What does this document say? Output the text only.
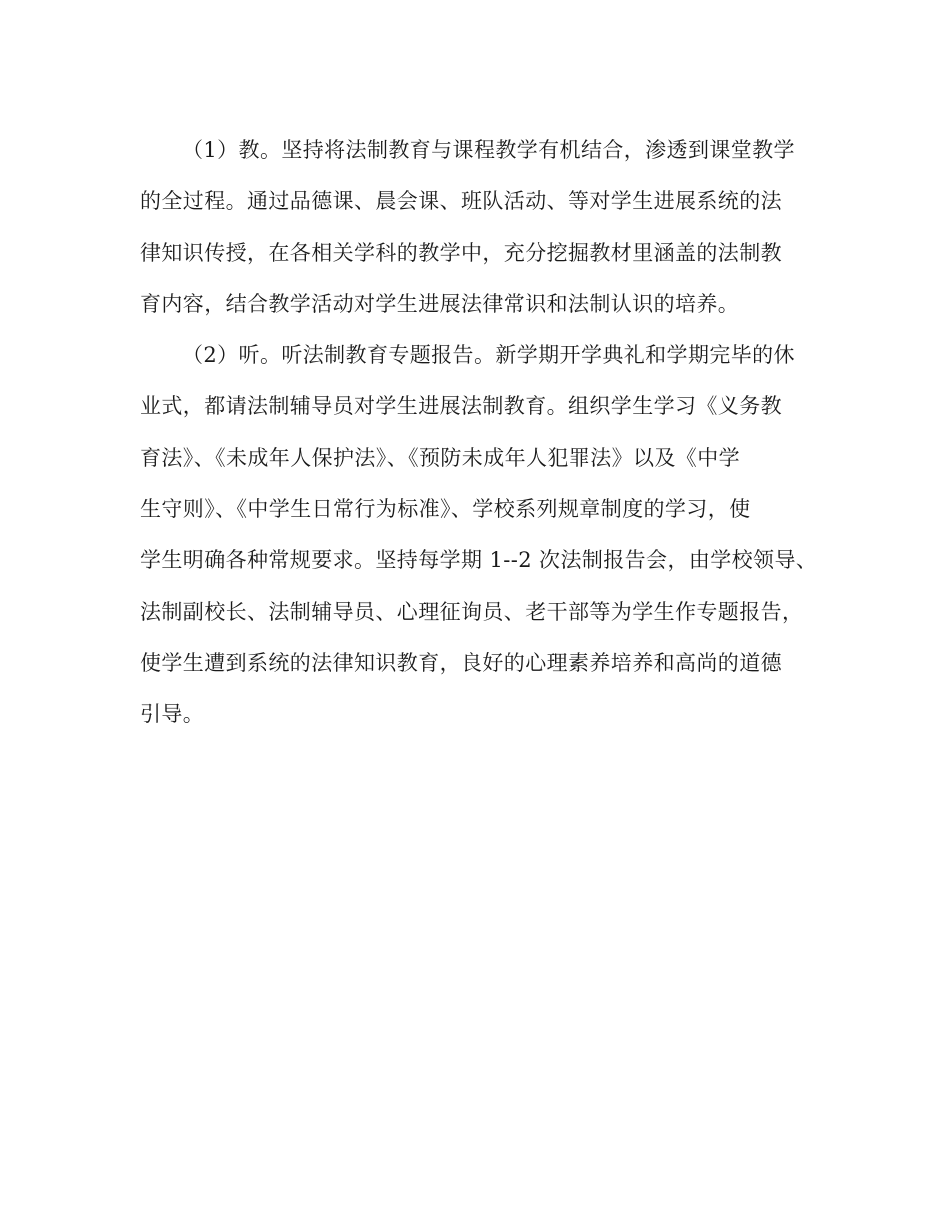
（1）教。坚持将法制教育与课程教学有机结合，渗透到课堂教学
的全过程。通过品德课、晨会课、班队活动、等对学生进展系统的法
律知识传授，在各相关学科的教学中，充分挖掘教材里涵盖的法制教
育内容，结合教学活动对学生进展法律常识和法制认识的培养。
（2）听。听法制教育专题报告。新学期开学典礼和学期完毕的休
业式，都请法制辅导员对学生进展法制教育。组织学生学习《义务教
育法》、《未成年人保护法》、《预防未成年人犯罪法》以及《中学
生守则》、《中学生日常行为标准》、学校系列规章制度的学习，使
学生明确各种常规要求。坚持每学期 1--2 次法制报告会，由学校领导、
法制副校长、法制辅导员、心理征询员、老干部等为学生作专题报告，
使学生遭到系统的法律知识教育，良好的心理素养培养和高尚的道德
引导。
